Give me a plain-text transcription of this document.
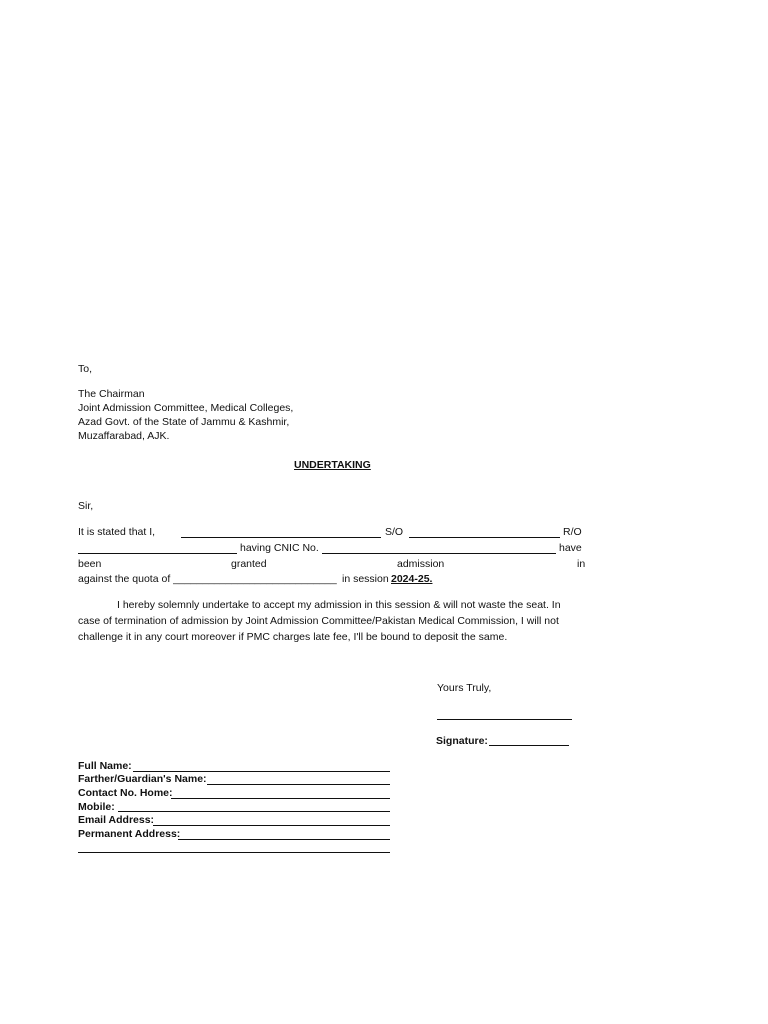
To,
The Chairman
Joint Admission Committee, Medical Colleges,
Azad Govt. of the State of Jammu & Kashmir,
Muzaffarabad, AJK.
UNDERTAKING
Sir,
It is stated that I,	S/O	R/O
having CNIC No.	have
been	granted	admission	in
against the quota of ____________________________ in session 2024-25.
I hereby solemnly undertake to accept my admission in this session & will not waste the seat. In
case of termination of admission by Joint Admission Committee/Pakistan Medical Commission, I will not
challenge it in any court moreover if PMC charges late fee, I'll be bound to deposit the same.
Yours Truly,
Signature:
Full Name:
Farther/Guardian's Name:
Contact No. Home:
Mobile:
Email Address:
Permanent Address:
